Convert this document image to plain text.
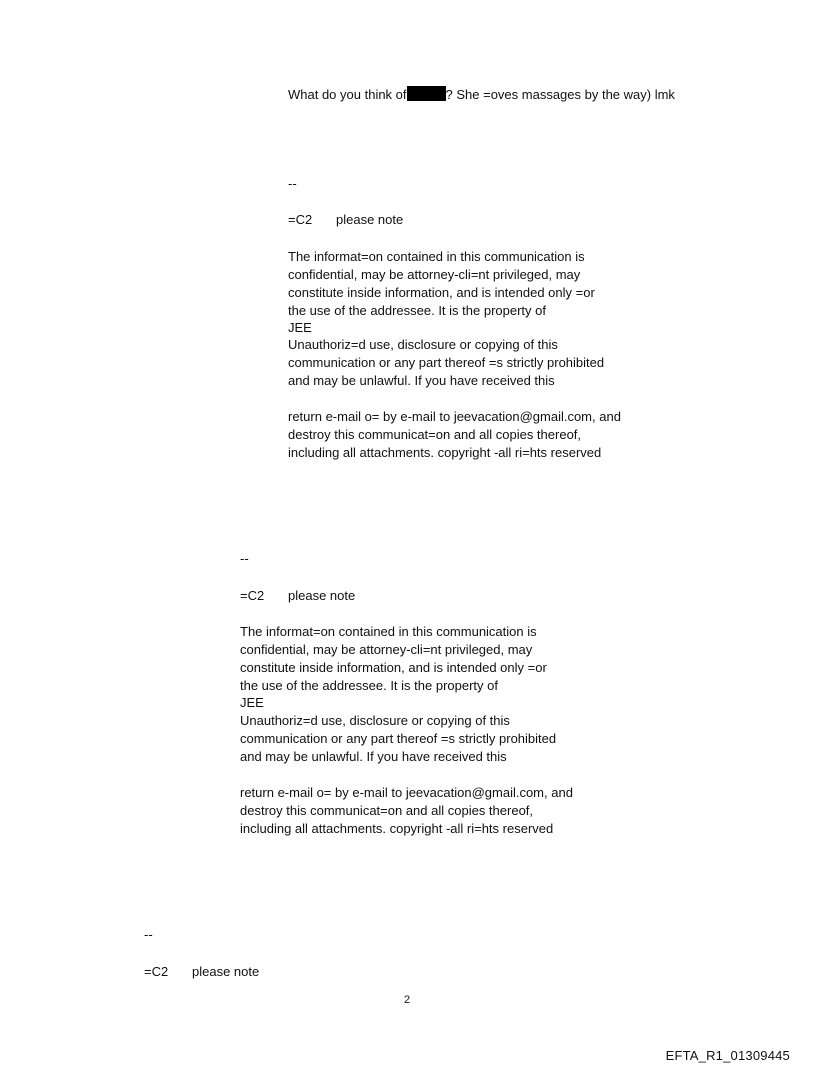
What do you think of	? She =oves massages by the way) lmk
--
=C2 please note
The informat=on contained in this communication is
confidential, may be attorney-cli=nt privileged, may
constitute inside information, and is intended only =or
the use of the addressee. It is the property of
JEE
Unauthoriz=d use, disclosure or copying of this
communication or any part thereof =s strictly prohibited
and may be unlawful. If you have received this
return e-mail o= by e-mail to jeevacation@gmail.com, and
destroy this communicat=on and all copies thereof,
including all attachments. copyright -all ri=hts reserved
--
=C2 please note
The informat=on contained in this communication is
confidential, may be attorney-cli=nt privileged, may
constitute inside information, and is intended only =or
the use of the addressee. It is the property of
JEE
Unauthoriz=d use, disclosure or copying of this
communication or any part thereof =s strictly prohibited
and may be unlawful. If you have received this
return e-mail o= by e-mail to jeevacation@gmail.com, and
destroy this communicat=on and all copies thereof,
including all attachments. copyright -all ri=hts reserved
--
=C2 please note
2
EFTA_R1_01309445
